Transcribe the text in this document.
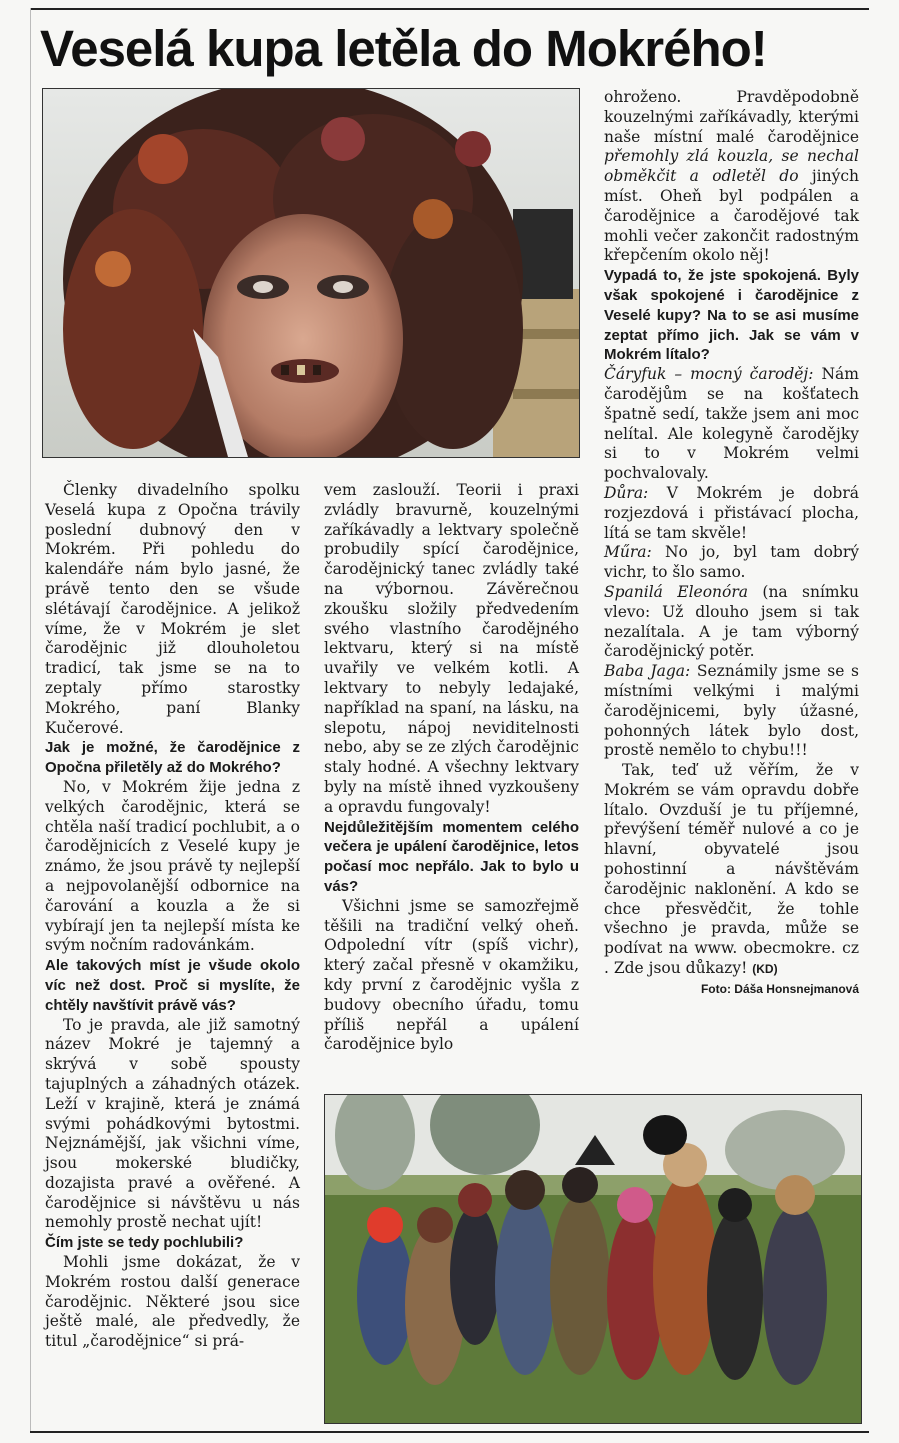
Veselá kupa letěla do Mokrého!

Členky divadelního spolku Veselá kupa z Opočna trávily poslední dubnový den v Mokrém. Při pohledu do kalendáře nám bylo jasné, že právě tento den se všude slétávají čarodějnice. A jelikož víme, že v Mokrém je slet čarodějnic již dlouholetou tradicí, tak jsme se na to zeptaly přímo starostky Mokrého, paní Blanky Kučerové.

Jak je možné, že čarodějnice z Opočna přiletěly až do Mokrého?

No, v Mokrém žije jedna z velkých čarodějnic, která se chtěla naší tradicí pochlubit, a o čarodějnicích z Veselé kupy je známo, že jsou právě ty nejlepší a nejpovolanější odbornice na čarování a kouzla a že si vybírají jen ta nejlepší místa ke svým nočním radovánkám.

Ale takových míst je všude okolo víc než dost. Proč si myslíte, že chtěly navštívit právě vás?

To je pravda, ale již samotný název Mokré je tajemný a skrývá v sobě spousty tajuplných a záhadných otázek. Leží v krajině, která je známá svými pohádkovými bytostmi. Nejznámější, jak všichni víme, jsou mokerské bludičky, dozajista pravé a ověřené. A čarodějnice si návštěvu u nás nemohly prostě nechat ujít!

Čím jste se tedy pochlubili?

Mohli jsme dokázat, že v Mokrém rostou další generace čarodějnic. Některé jsou sice ještě malé, ale předvedly, že titul „čarodějnice“ si prá-

vem zaslouží. Teorii i praxi zvládly bravurně, kouzelnými zaříkávadly a lektvary společně probudily spící čarodějnice, čarodějnický tanec zvládly také na výbornou. Závěrečnou zkoušku složily předvedením svého vlastního čarodějného lektvaru, který si na místě uvařily ve velkém kotli. A lektvary to nebyly ledajaké, například na spaní, na lásku, na slepotu, nápoj neviditelnosti nebo, aby se ze zlých čarodějnic staly hodné. A všechny lektvary byly na místě ihned vyzkoušeny a opravdu fungovaly!

Nejdůležitějším momentem celého večera je upálení čarodějnice, letos počasí moc nepřálo. Jak to bylo u vás?

Všichni jsme se samozřejmě těšili na tradiční velký oheň. Odpolední vítr (spíš vichr), který začal přesně v okamžiku, kdy první z čarodějnic vyšla z budovy obecního úřadu, tomu příliš nepřál a upálení čarodějnice bylo

ohroženo. Pravděpodobně kouzelnými zaříkávadly, kterými naše místní malé čarodějnice přemohly zlá kouzla, se nechal obměkčit a odletěl do jiných míst. Oheň byl podpálen a čarodějnice a čarodějové tak mohli večer zakončit radostným křepčením okolo něj!

Vypadá to, že jste spokojená. Byly však spokojené i čarodějnice z Veselé kupy? Na to se asi musíme zeptat přímo jich. Jak se vám v Mokrém lítalo?

Čáryfuk – mocný čaroděj: Nám čarodějům se na košťatech špatně sedí, takže jsem ani moc nelítal. Ale kolegyně čarodějky si to v Mokrém velmi pochvalovaly.

Důra: V Mokrém je dobrá rozjezdová i přistávací plocha, lítá se tam skvěle!

Műra: No jo, byl tam dobrý vichr, to šlo samo.

Spanilá Eleonóra (na snímku vlevo: Už dlouho jsem si tak nezalítala. A je tam výborný čarodějnický potěr.

Baba Jaga: Seznámily jsme se s místními velkými i malými čarodějnicemi, byly úžasné, pohonných látek bylo dost, prostě nemělo to chybu!!!

Tak, teď už věřím, že v Mokrém se vám opravdu dobře lítalo. Ovzduší je tu příjemné, převýšení téměř nulové a co je hlavní, obyvatelé jsou pohostinní a návštěvám čarodějnic naklonění. A kdo se chce přesvědčit, že tohle všechno je pravda, může se podívat na www. obecmokre. cz . Zde jsou důkazy! (KD)

Foto: Dáša Honsnejmanová
